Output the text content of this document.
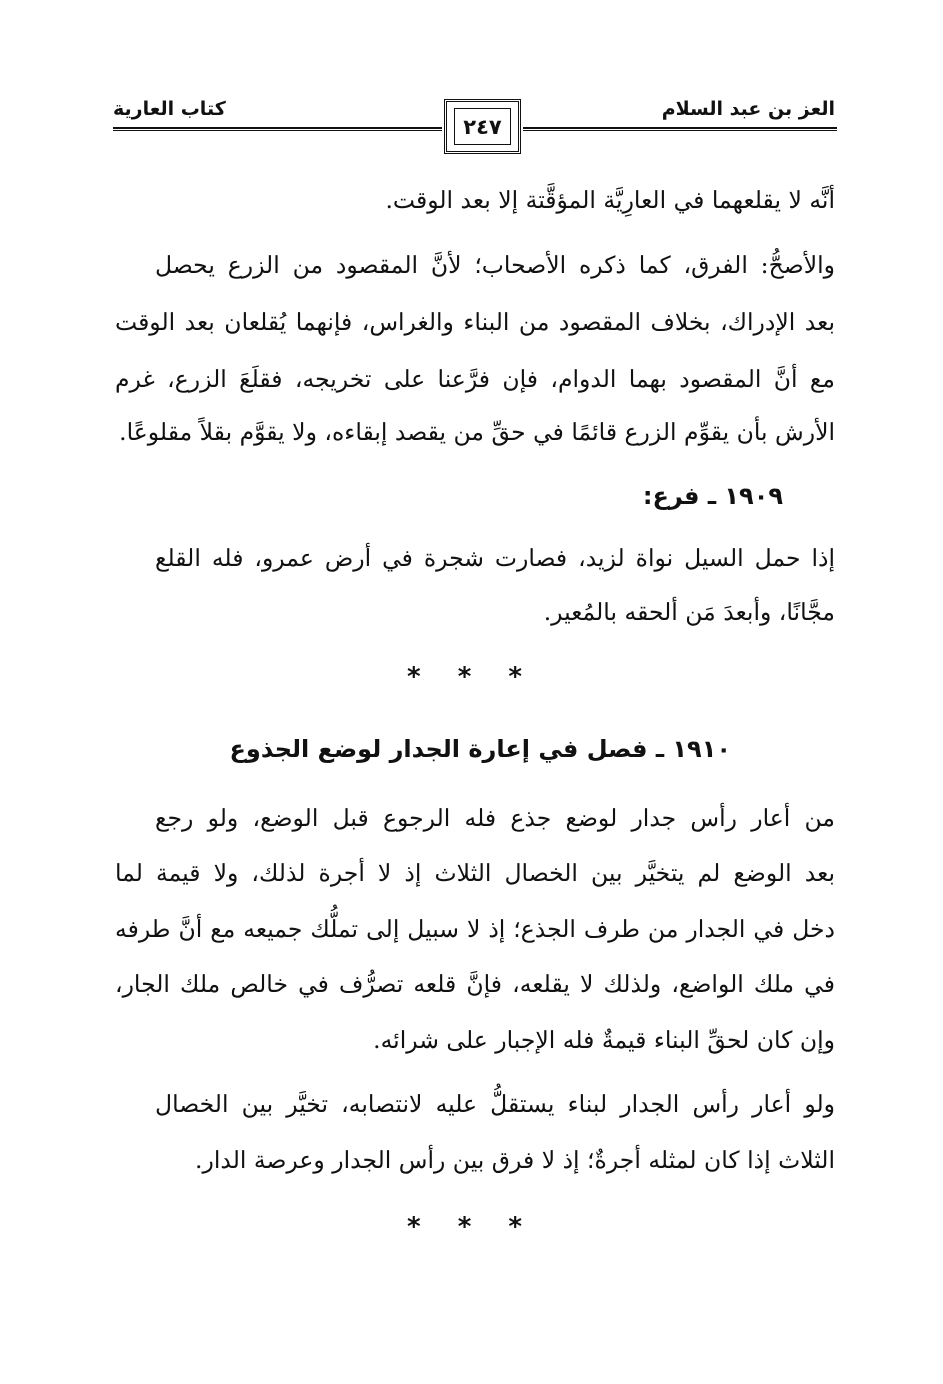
العز بن عبد السلام
كتاب العارية
٢٤٧
أنَّه لا يقلعهما في العارِيَّة المؤقَّتة إلا بعد الوقت.
والأصحُّ: الفرق، كما ذكره الأصحاب؛ لأنَّ المقصود من الزرع يحصل
بعد الإدراك، بخلاف المقصود من البناء والغراس، فإنهما يُقلعان بعد الوقت
مع أنَّ المقصود بهما الدوام، فإن فرَّعنا على تخريجه، فقلَعَ الزرع، غرم
الأرش بأن يقوِّم الزرع قائمًا في حقِّ من يقصد إبقاءه، ولا يقوَّم بقلاً مقلوعًا.
١٩٠٩ ـ فرع:
إذا حمل السيل نواة لزيد، فصارت شجرة في أرض عمرو، فله القلع
مجَّانًا، وأبعدَ مَن ألحقه بالمُعير.
* * *
١٩١٠ ـ فصل في إعارة الجدار لوضع الجذوع
من أعار رأس جدار لوضع جذع فله الرجوع قبل الوضع، ولو رجع
بعد الوضع لم يتخيَّر بين الخصال الثلاث إذ لا أجرة لذلك، ولا قيمة لما
دخل في الجدار من طرف الجذع؛ إذ لا سبيل إلى تملُّك جميعه مع أنَّ طرفه
في ملك الواضع، ولذلك لا يقلعه، فإنَّ قلعه تصرُّف في خالص ملك الجار،
وإن كان لحقِّ البناء قيمةٌ فله الإجبار على شرائه.
ولو أعار رأس الجدار لبناء يستقلُّ عليه لانتصابه، تخيَّر بين الخصال
الثلاث إذا كان لمثله أجرةٌ؛ إذ لا فرق بين رأس الجدار وعرصة الدار.
* * *
